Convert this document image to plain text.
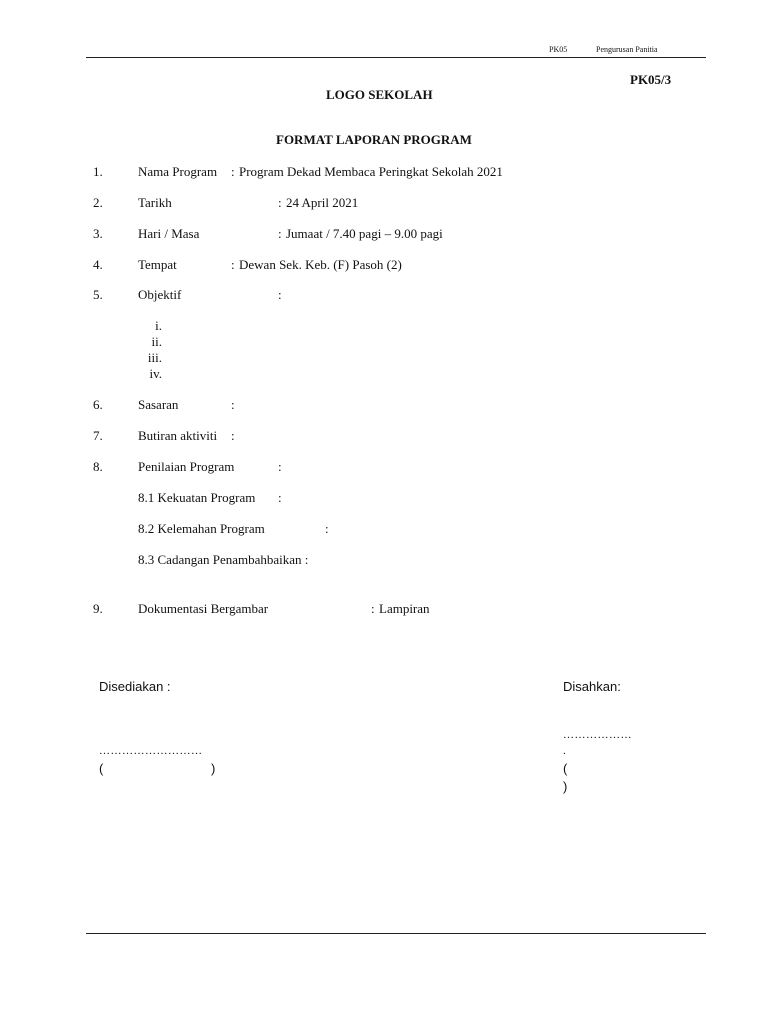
PK05	Pengurusan Panitia
PK05/3
LOGO SEKOLAH
FORMAT LAPORAN PROGRAM
1.	Nama Program : Program Dekad Membaca Peringkat Sekolah 2021
2.	Tarikh	: 24 April 2021
3.	Hari / Masa	: Jumaat / 7.40 pagi – 9.00 pagi
4.	Tempat	: Dewan Sek. Keb. (F) Pasoh (2)
5.	Objektif	:
i.
ii.
iii.
iv.
6.	Sasaran	:
7.	Butiran aktiviti :
8.	Penilaian Program	:
8.1 Kekuatan Program :
8.2 Kelemahan Program	:
8.3 Cadangan Penambahbaikan :
9.	Dokumentasi Bergambar	: Lampiran
Disediakan :
………………………
(	)
Disahkan:
………………
.
(
)
